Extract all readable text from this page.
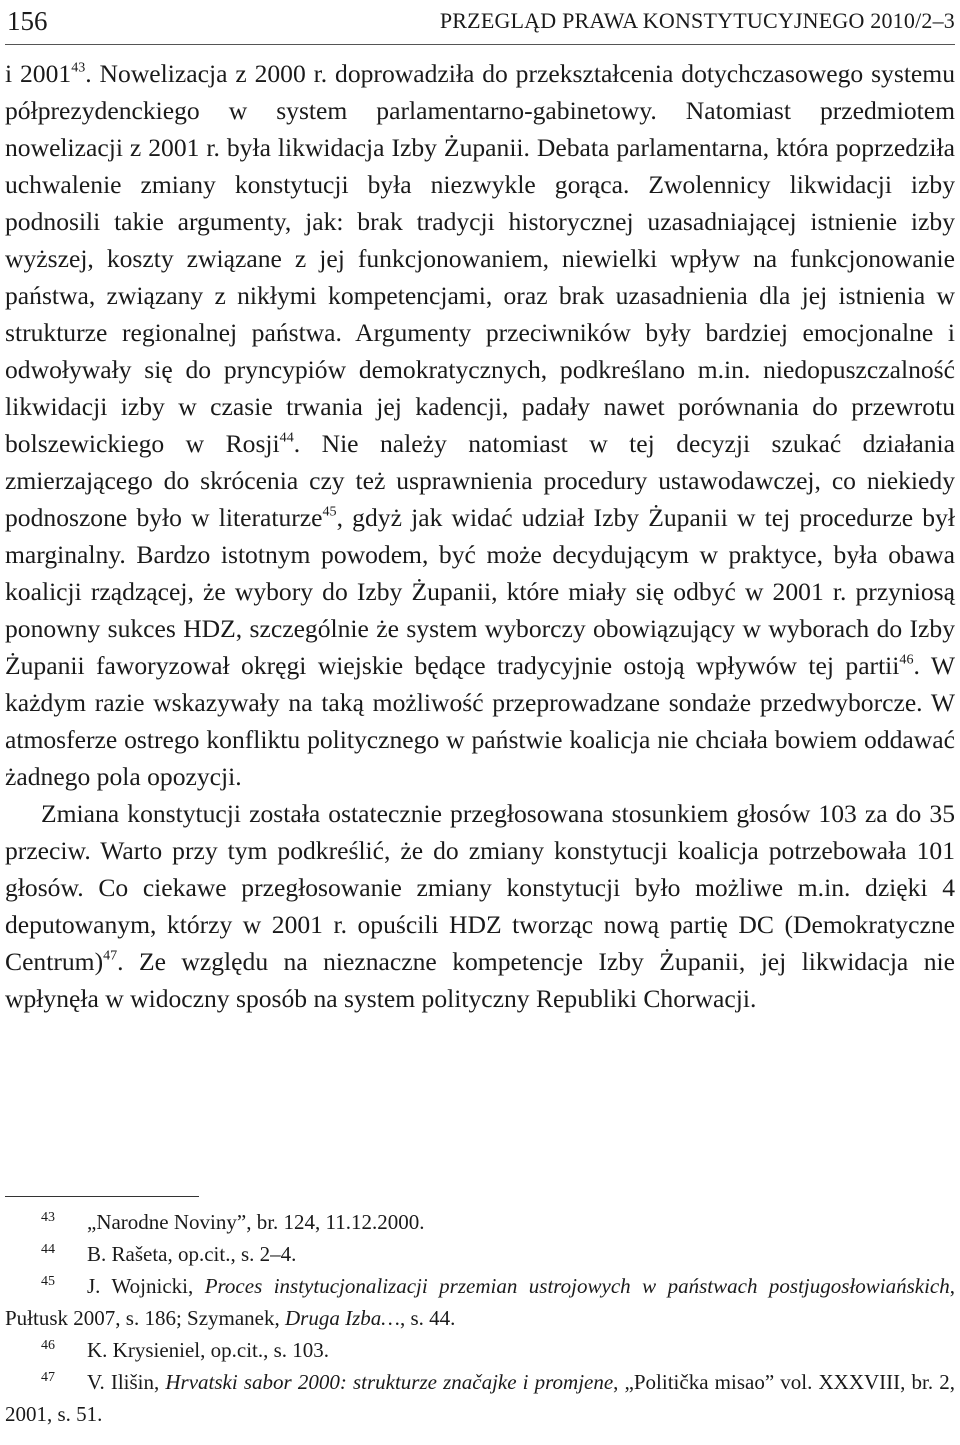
156	PRZEGLĄD PRAWA KONSTYTUCYJNEGO 2010/2–3

i 2001$^{43}$. Nowelizacja z 2000 r. doprowadziła do przekształcenia dotychczasowego systemu półprezydenckiego w system parlamentarno-gabinetowy. Natomiast przedmiotem nowelizacji z 2001 r. była likwidacja Izby Żupanii. Debata parlamentarna, która poprzedziła uchwalenie zmiany konstytucji była niezwykle gorąca. Zwolennicy likwidacji izby podnosili takie argumenty, jak: brak tradycji historycznej uzasadniającej istnienie izby wyższej, koszty związane z jej funkcjonowaniem, niewielki wpływ na funkcjonowanie państwa, związany z nikłymi kompetencjami, oraz brak uzasadnienia dla jej istnienia w strukturze regionalnej państwa. Argumenty przeciwników były bardziej emocjonalne i odwoływały się do pryncypiów demokratycznych, podkreślano m.in. niedopuszczalność likwidacji izby w czasie trwania jej kadencji, padały nawet porównania do przewrotu bolszewickiego w Rosji$^{44}$. Nie należy natomiast w tej decyzji szukać działania zmierzającego do skrócenia czy też usprawnienia procedury ustawodawczej, co niekiedy podnoszone było w literaturze$^{45}$, gdyż jak widać udział Izby Żupanii w tej procedurze był marginalny. Bardzo istotnym powodem, być może decydującym w praktyce, była obawa koalicji rządzącej, że wybory do Izby Żupanii, które miały się odbyć w 2001 r. przyniosą ponowny sukces HDZ, szczególnie że system wyborczy obowiązujący w wyborach do Izby Żupanii faworyzował okręgi wiejskie będące tradycyjnie ostoją wpływów tej partii$^{46}$. W każdym razie wskazywały na taką możliwość przeprowadzane sondaże przedwyborcze. W atmosferze ostrego konfliktu politycznego w państwie koalicja nie chciała bowiem oddawać żadnego pola opozycji.

Zmiana konstytucji została ostatecznie przegłosowana stosunkiem głosów 103 za do 35 przeciw. Warto przy tym podkreślić, że do zmiany konstytucji koalicja potrzebowała 101 głosów. Co ciekawe przegłosowanie zmiany konstytucji było możliwe m.in. dzięki 4 deputowanym, którzy w 2001 r. opuścili HDZ tworząc nową partię DC (Demokratyczne Centrum)$^{47}$. Ze względu na nieznaczne kompetencje Izby Żupanii, jej likwidacja nie wpłynęła w widoczny sposób na system polityczny Republiki Chorwacji.

43 „Narodne Noviny”, br. 124, 11.12.2000.

44 B. Rašeta, op.cit., s. 2–4.

45 J. Wojnicki, Proces instytucjonalizacji przemian ustrojowych w państwach postjugosłowiańskich, Pułtusk 2007, s. 186; Szymanek, Druga Izba…, s. 44.

46 K. Krysieniel, op.cit., s. 103.

47 V. Ilišin, Hrvatski sabor 2000: strukturze značajke i promjene, „Politička misao” vol. XXXVIII, br. 2, 2001, s. 51.
